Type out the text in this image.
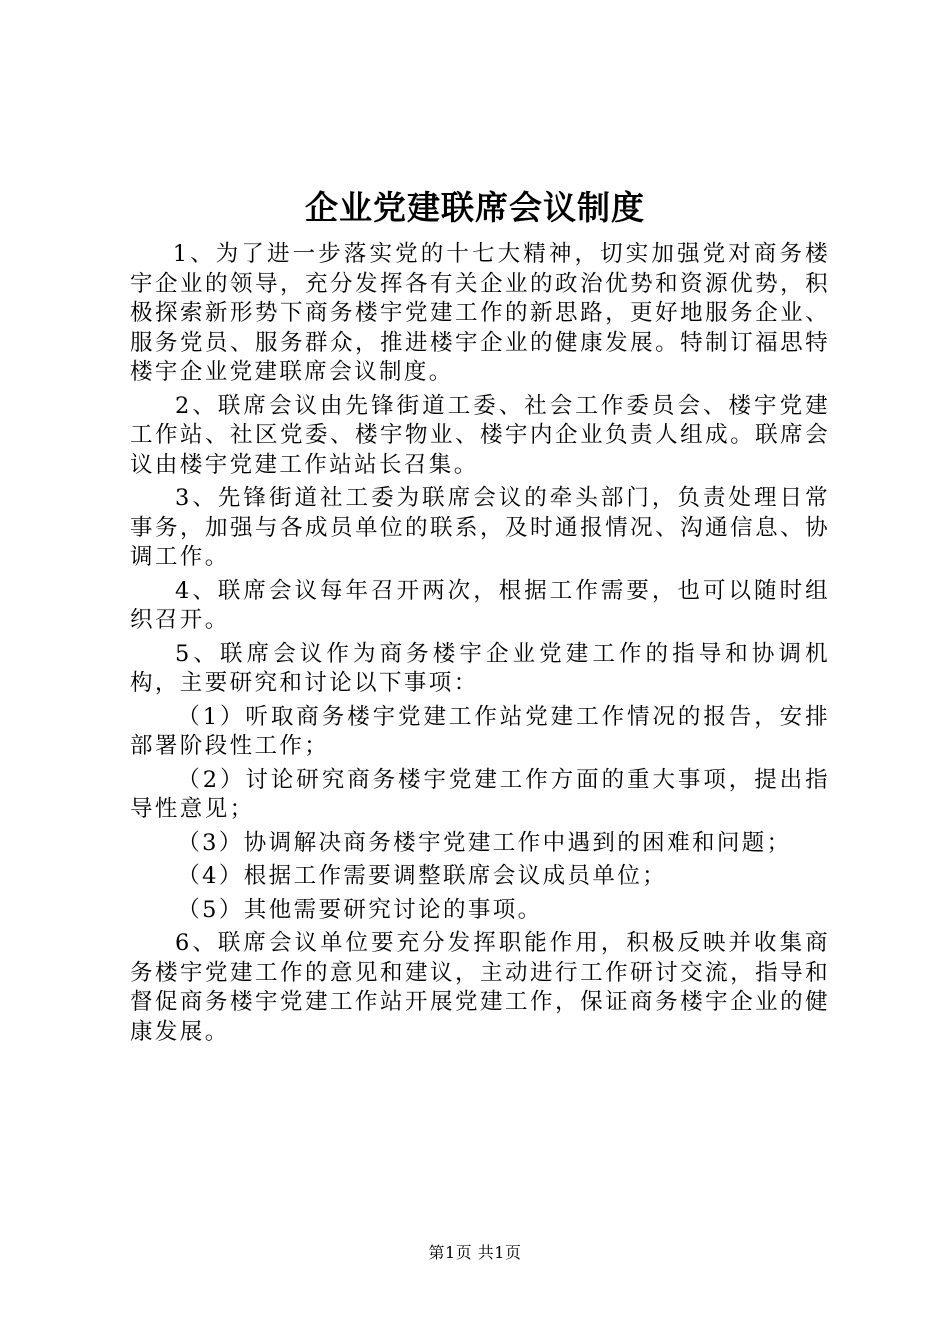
企业党建联席会议制度

1、为了进一步落实党的十七大精神，切实加强党对商务楼宇企业的领导，充分发挥各有关企业的政治优势和资源优势，积极探索新形势下商务楼宇党建工作的新思路，更好地服务企业、服务党员、服务群众，推进楼宇企业的健康发展。特制订福思特楼宇企业党建联席会议制度。

2、联席会议由先锋街道工委、社会工作委员会、楼宇党建工作站、社区党委、楼宇物业、楼宇内企业负责人组成。联席会议由楼宇党建工作站站长召集。

3、先锋街道社工委为联席会议的牵头部门，负责处理日常事务，加强与各成员单位的联系，及时通报情况、沟通信息、协调工作。

4、联席会议每年召开两次，根据工作需要，也可以随时组织召开。

5、联席会议作为商务楼宇企业党建工作的指导和协调机构，主要研究和讨论以下事项：

（1）听取商务楼宇党建工作站党建工作情况的报告，安排部署阶段性工作；

（2）讨论研究商务楼宇党建工作方面的重大事项，提出指导性意见；

（3）协调解决商务楼宇党建工作中遇到的困难和问题；

（4）根据工作需要调整联席会议成员单位；

（5）其他需要研究讨论的事项。

6、联席会议单位要充分发挥职能作用，积极反映并收集商务楼宇党建工作的意见和建议，主动进行工作研讨交流，指导和督促商务楼宇党建工作站开展党建工作，保证商务楼宇企业的健康发展。

第1页 共1页
